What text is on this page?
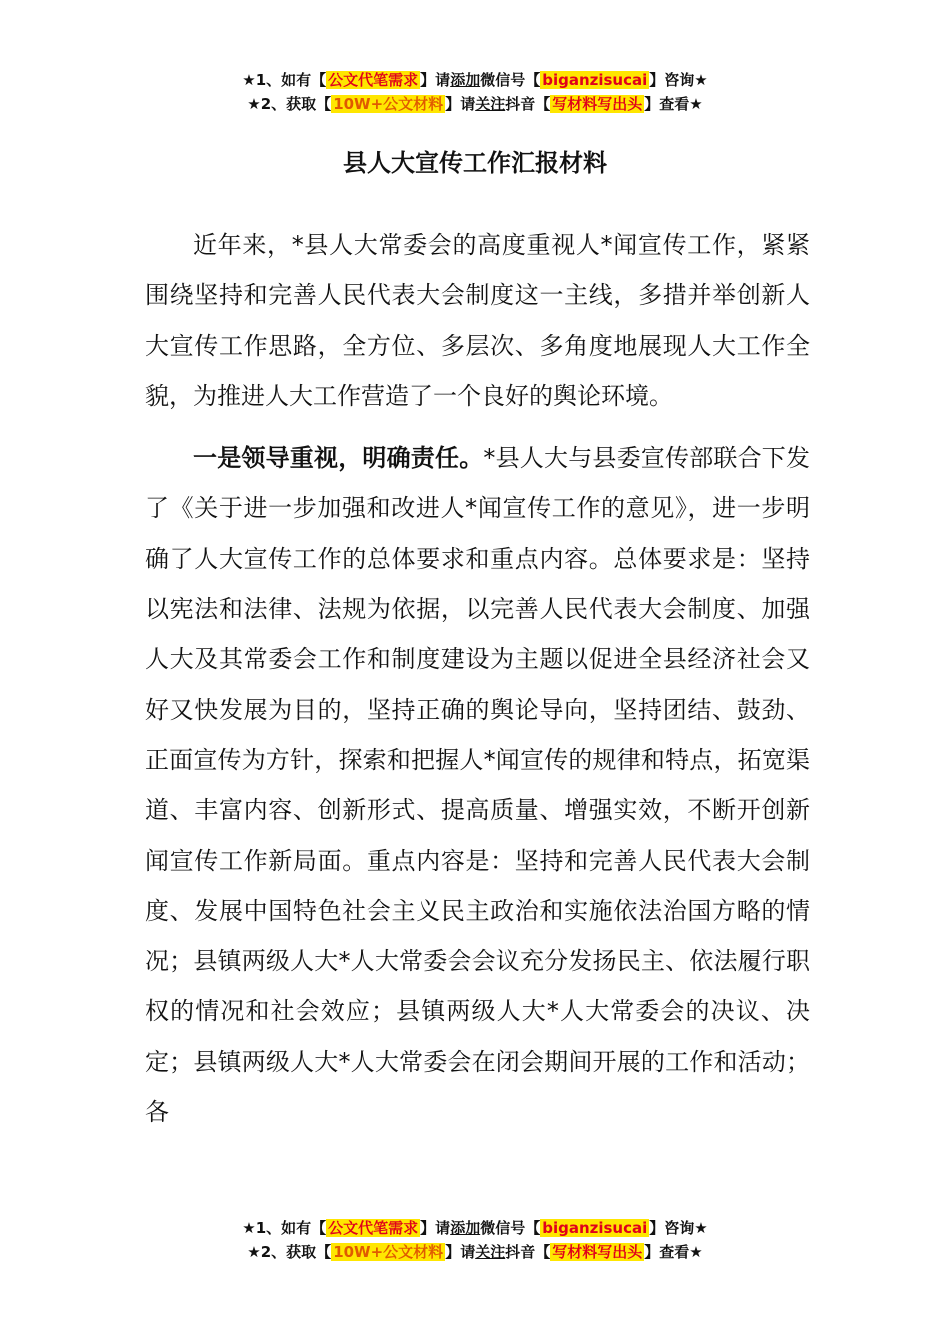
★1、如有【 公文代笔需求 】请添加微信号【 biganzisucai 】咨询★
★2、获取【 10W+公文材料 】请关注抖音【 写材料写出头 】查看★
县人大宣传工作汇报材料

近年来，*县人大常委会的高度重视人*闻宣传工作，紧紧围绕坚持和完善人民代表大会制度这一主线，多措并举创新人大宣传工作思路，全方位、多层次、多角度地展现人大工作全貌，为推进人大工作营造了一个良好的舆论环境。

一是领导重视，明确责任。*县人大与县委宣传部联合下发了《关于进一步加强和改进人*闻宣传工作的意见》，进一步明确了人大宣传工作的总体要求和重点内容。总体要求是：坚持以宪法和法律、法规为依据，以完善人民代表大会制度、加强人大及其常委会工作和制度建设为主题以促进全县经济社会又好又快发展为目的，坚持正确的舆论导向，坚持团结、鼓劲、正面宣传为方针，探索和把握人*闻宣传的规律和特点，拓宽渠道、丰富内容、创新形式、提高质量、增强实效，不断开创新闻宣传工作新局面。重点内容是：坚持和完善人民代表大会制度、发展中国特色社会主义民主政治和实施依法治国方略的情况；县镇两级人大*人大常委会会议充分发扬民主、依法履行职权的情况和社会效应；县镇两级人大*人大常委会的决议、决定；县镇两级人大*人大常委会在闭会期间开展的工作和活动；各

★1、如有【 公文代笔需求 】请添加微信号【 biganzisucai 】咨询★
★2、获取【 10W+公文材料 】请关注抖音【 写材料写出头 】查看★
